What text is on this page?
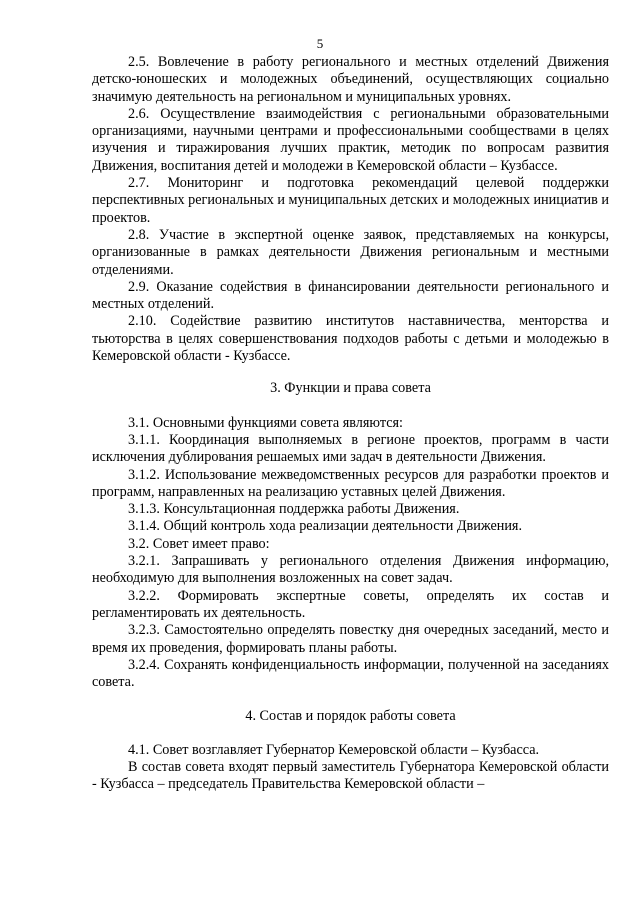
5

2.5. Вовлечение в работу регионального и местных отделений Движения детско-юношеских и молодежных объединений, осуществляющих социально значимую деятельность на региональном и муниципальных уровнях.

2.6. Осуществление взаимодействия с региональными образовательными организациями, научными центрами и профессиональными сообществами в целях изучения и тиражирования лучших практик, методик по вопросам развития Движения, воспитания детей и молодежи в Кемеровской области – Кузбассе.

2.7. Мониторинг и подготовка рекомендаций целевой поддержки перспективных региональных и муниципальных детских и молодежных инициатив и проектов.

2.8. Участие в экспертной оценке заявок, представляемых на конкурсы, организованные в рамках деятельности Движения региональным и местными отделениями.

2.9. Оказание содействия в финансировании деятельности регионального и местных отделений.

2.10. Содействие развитию институтов наставничества, менторства и тьюторства в целях совершенствования подходов работы с детьми и молодежью в Кемеровской области - Кузбассе.

3. Функции и права совета

3.1. Основными функциями совета являются:

3.1.1. Координация выполняемых в регионе проектов, программ в части исключения дублирования решаемых ими задач в деятельности Движения.

3.1.2. Использование межведомственных ресурсов для разработки проектов и программ, направленных на реализацию уставных целей Движения.

3.1.3. Консультационная поддержка работы Движения.

3.1.4. Общий контроль хода реализации деятельности Движения.

3.2. Совет имеет право:

3.2.1. Запрашивать у регионального отделения Движения информацию, необходимую для выполнения возложенных на совет задач.

3.2.2. Формировать экспертные советы, определять их состав и регламентировать их деятельность.

3.2.3. Самостоятельно определять повестку дня очередных заседаний, место и время их проведения, формировать планы работы.

3.2.4. Сохранять конфиденциальность информации, полученной на заседаниях совета.

4. Состав и порядок работы совета

4.1. Совет возглавляет Губернатор Кемеровской области – Кузбасса.

В состав совета входят первый заместитель Губернатора Кемеровской области - Кузбасса – председатель Правительства Кемеровской области –
